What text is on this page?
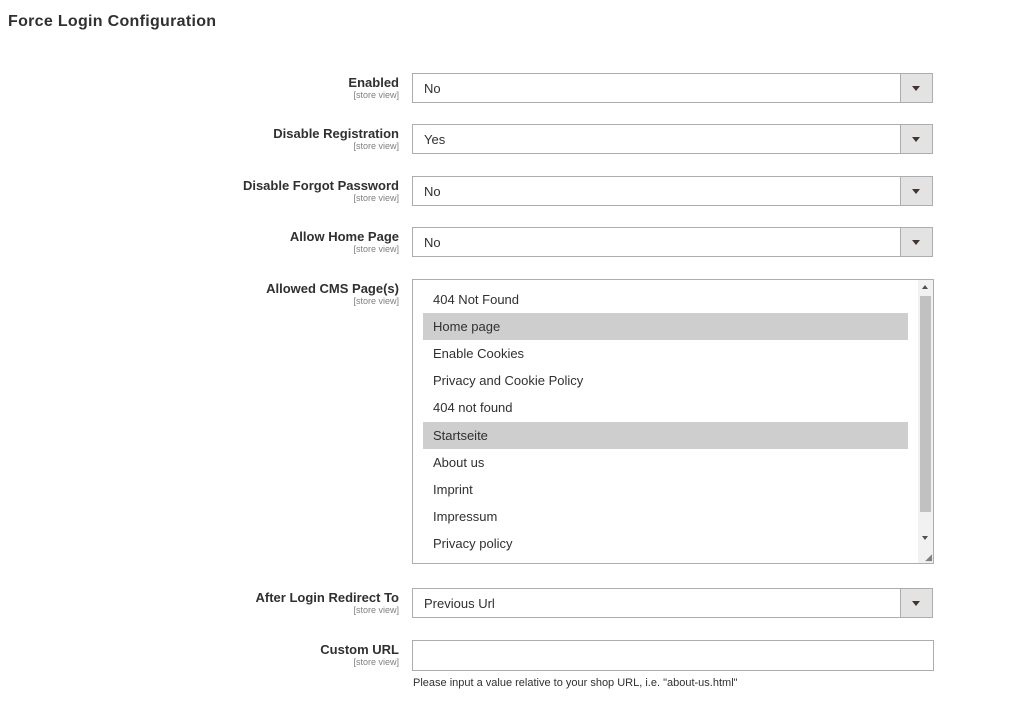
Force Login Configuration
Enabled
[store view] No
Disable Registration
[store view] Yes
Disable Forgot Password
[store view] No
Allow Home Page
[store view] No
Allowed CMS Page(s)
[store view]	404 Not Found
Home page
Enable Cookies
Privacy and Cookie Policy
404 not found
Startseite
About us
Imprint
Impressum
Privacy policy
◢
After Login Redirect To
[store view] Previous Url
Custom URL
[store view]
Please input a value relative to your shop URL, i.e. "about-us.html"
